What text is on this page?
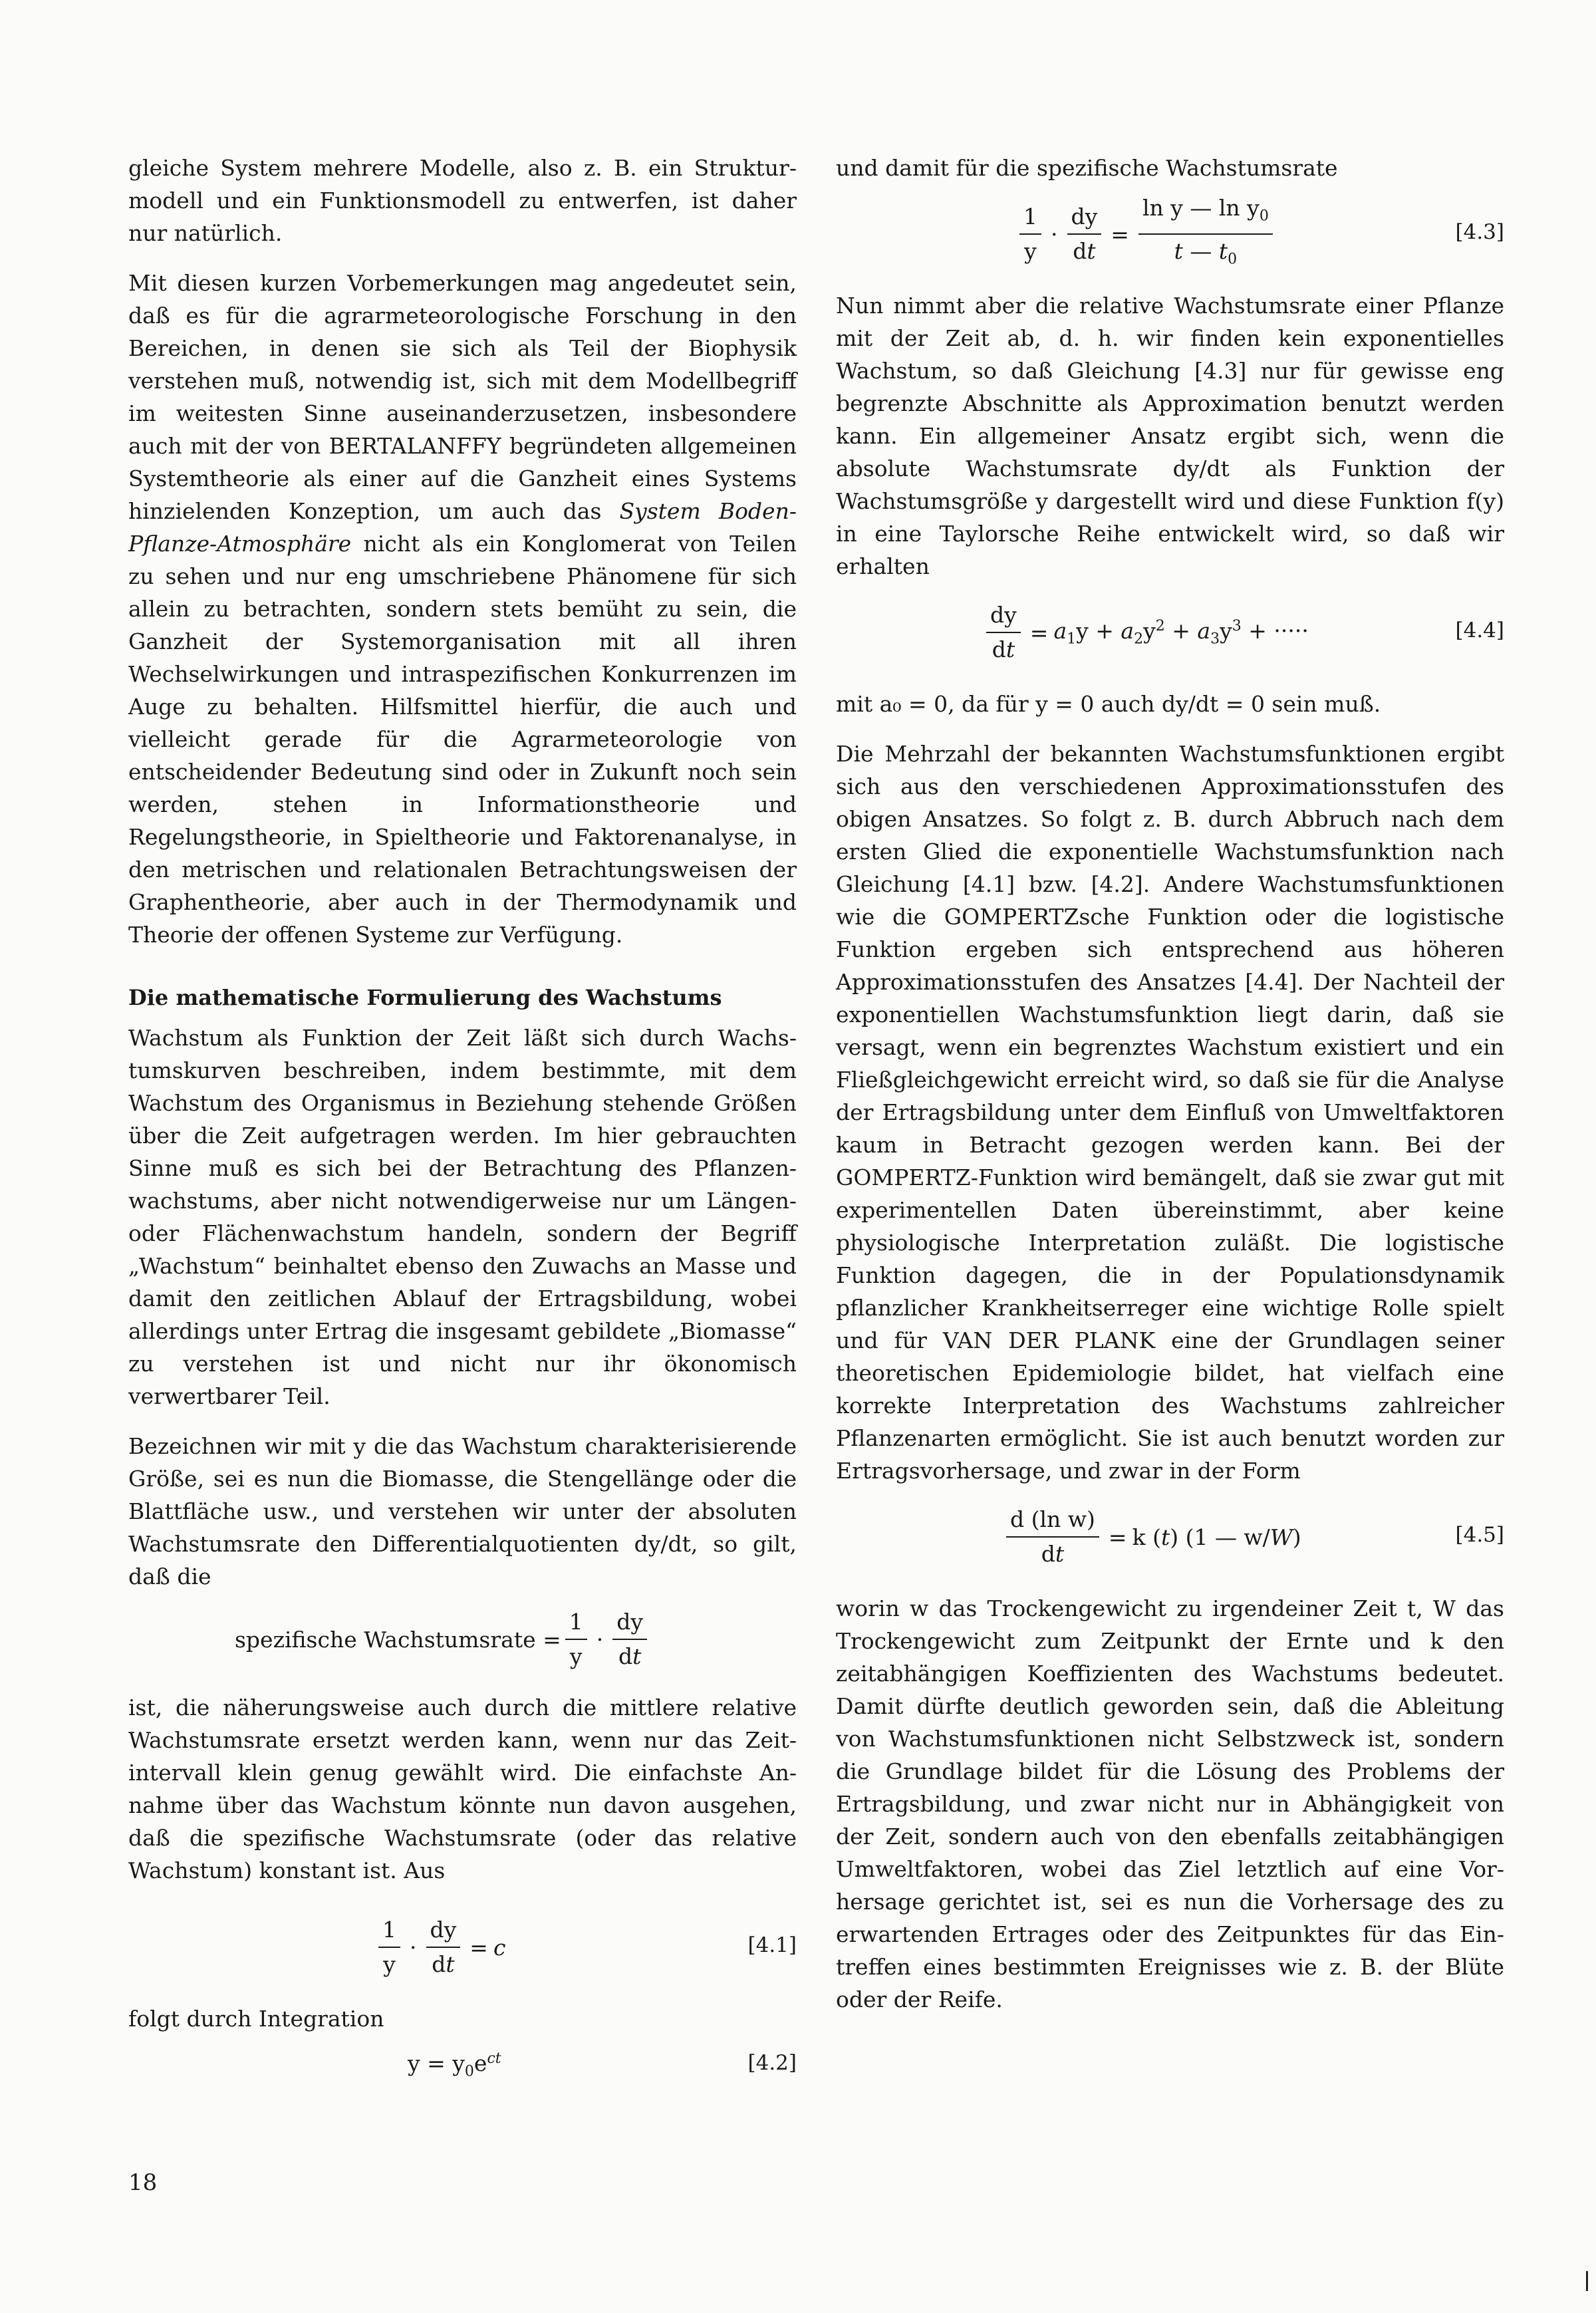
gleiche System mehrere Modelle, also z. B. ein Strukturmodell und ein Funktionsmodell zu entwerfen, ist daher nur natürlich.

Mit diesen kurzen Vorbemerkungen mag angedeutet sein, daß es für die agrarmeteorologische Forschung in den Bereichen, in denen sie sich als Teil der Biophysik verstehen muß, notwendig ist, sich mit dem Modellbegriff im weitesten Sinne auseinanderzusetzen, insbesondere auch mit der von BERTALANFFY begründeten allgemeinen Systemtheorie als einer auf die Ganzheit eines Systems hinzielenden Konzeption, um auch das System Boden-Pflanze-Atmosphäre nicht als ein Konglomerat von Teilen zu sehen und nur eng umschriebene Phänomene für sich allein zu betrachten, sondern stets bemüht zu sein, die Ganzheit der Systemorganisation mit all ihren Wechselwirkungen und intraspezifischen Konkurrenzen im Auge zu behalten. Hilfsmittel hierfür, die auch und vielleicht gerade für die Agrarmeteorologie von entscheidender Bedeutung sind oder in Zukunft noch sein werden, stehen in Informationstheorie und Regelungstheorie, in Spieltheorie und Faktorenanalyse, in den metrischen und relationalen Betrachtungsweisen der Graphentheorie, aber auch in der Thermodynamik und Theorie der offenen Systeme zur Verfügung.

Die mathematische Formulierung des Wachstums

Wachstum als Funktion der Zeit läßt sich durch Wachstumskurven beschreiben, indem bestimmte, mit dem Wachstum des Organismus in Beziehung stehende Größen über die Zeit aufgetragen werden. Im hier gebrauchten Sinne muß es sich bei der Betrachtung des Pflanzenwachstums, aber nicht notwendigerweise nur um Längen- oder Flächenwachstum handeln, sondern der Begriff „Wachstum“ beinhaltet ebenso den Zuwachs an Masse und damit den zeitlichen Ablauf der Ertragsbildung, wobei allerdings unter Ertrag die insgesamt gebildete „Biomasse“ zu verstehen ist und nicht nur ihr ökonomisch verwertbarer Teil.

Bezeichnen wir mit y die das Wachstum charakterisierende Größe, sei es nun die Biomasse, die Stengellänge oder die Blattfläche usw., und verstehen wir unter der absoluten Wachstumsrate den Differentialquotienten dy/dt, so gilt, daß die

spezifische Wachstumsrate = $\frac{1}{y} \cdot \frac{dy}{dt}$

ist, die näherungsweise auch durch die mittlere relative Wachstumsrate ersetzt werden kann, wenn nur das Zeitintervall klein genug gewählt wird. Die einfachste Annahme über das Wachstum könnte nun davon ausgehen, daß die spezifische Wachstumsrate (oder das relative Wachstum) konstant ist. Aus

$\frac{1}{y} \cdot \frac{dy}{dt} = c$	[4.1]

folgt durch Integration

$y = y_0e^{ct}$	[4.2]

und damit für die spezifische Wachstumsrate

$\frac{1}{y} \cdot \frac{dy}{dt} = \frac{\ln y — \ln y_0}{t — t_0}$	[4.3]

Nun nimmt aber die relative Wachstumsrate einer Pflanze mit der Zeit ab, d. h. wir finden kein exponentielles Wachstum, so daß Gleichung [4.3] nur für gewisse eng begrenzte Abschnitte als Approximation benutzt werden kann. Ein allgemeiner Ansatz ergibt sich, wenn die absolute Wachstumsrate dy/dt als Funktion der Wachstumsgröße y dargestellt wird und diese Funktion f(y) in eine Taylorsche Reihe entwickelt wird, so daß wir erhalten

$\frac{dy}{dt} = a_1y + a_2y^2 + a_3y^3$ + ·····	[4.4]

mit a₀ = 0, da für y = 0 auch dy/dt = 0 sein muß.

Die Mehrzahl der bekannten Wachstumsfunktionen ergibt sich aus den verschiedenen Approximationsstufen des obigen Ansatzes. So folgt z. B. durch Abbruch nach dem ersten Glied die exponentielle Wachstumsfunktion nach Gleichung [4.1] bzw. [4.2]. Andere Wachstumsfunktionen wie die GOMPERTZsche Funktion oder die logistische Funktion ergeben sich entsprechend aus höheren Approximationsstufen des Ansatzes [4.4]. Der Nachteil der exponentiellen Wachstumsfunktion liegt darin, daß sie versagt, wenn ein begrenztes Wachstum existiert und ein Fließgleichgewicht erreicht wird, so daß sie für die Analyse der Ertragsbildung unter dem Einfluß von Umweltfaktoren kaum in Betracht gezogen werden kann. Bei der GOMPERTZ-Funktion wird bemängelt, daß sie zwar gut mit experimentellen Daten übereinstimmt, aber keine physiologische Interpretation zuläßt. Die logistische Funktion dagegen, die in der Populationsdynamik pflanzlicher Krankheitserreger eine wichtige Rolle spielt und für VAN DER PLANK eine der Grundlagen seiner theoretischen Epidemiologie bildet, hat vielfach eine korrekte Interpretation des Wachstums zahlreicher Pflanzenarten ermöglicht. Sie ist auch benutzt worden zur Ertragsvorhersage, und zwar in der Form

$\frac{\text{d (ln w)}}{dt} = k$ (t) (1 — w/W)	[4.5]

worin w das Trockengewicht zu irgendeiner Zeit t, W das Trockengewicht zum Zeitpunkt der Ernte und k den zeitabhängigen Koeffizienten des Wachstums bedeutet. Damit dürfte deutlich geworden sein, daß die Ableitung von Wachstumsfunktionen nicht Selbstzweck ist, sondern die Grundlage bildet für die Lösung des Problems der Ertragsbildung, und zwar nicht nur in Abhängigkeit von der Zeit, sondern auch von den ebenfalls zeitabhängigen Umweltfaktoren, wobei das Ziel letztlich auf eine Vorhersage gerichtet ist, sei es nun die Vorhersage des zu erwartenden Ertrages oder des Zeitpunktes für das Eintreffen eines bestimmten Ereignisses wie z. B. der Blüte oder der Reife.

18
